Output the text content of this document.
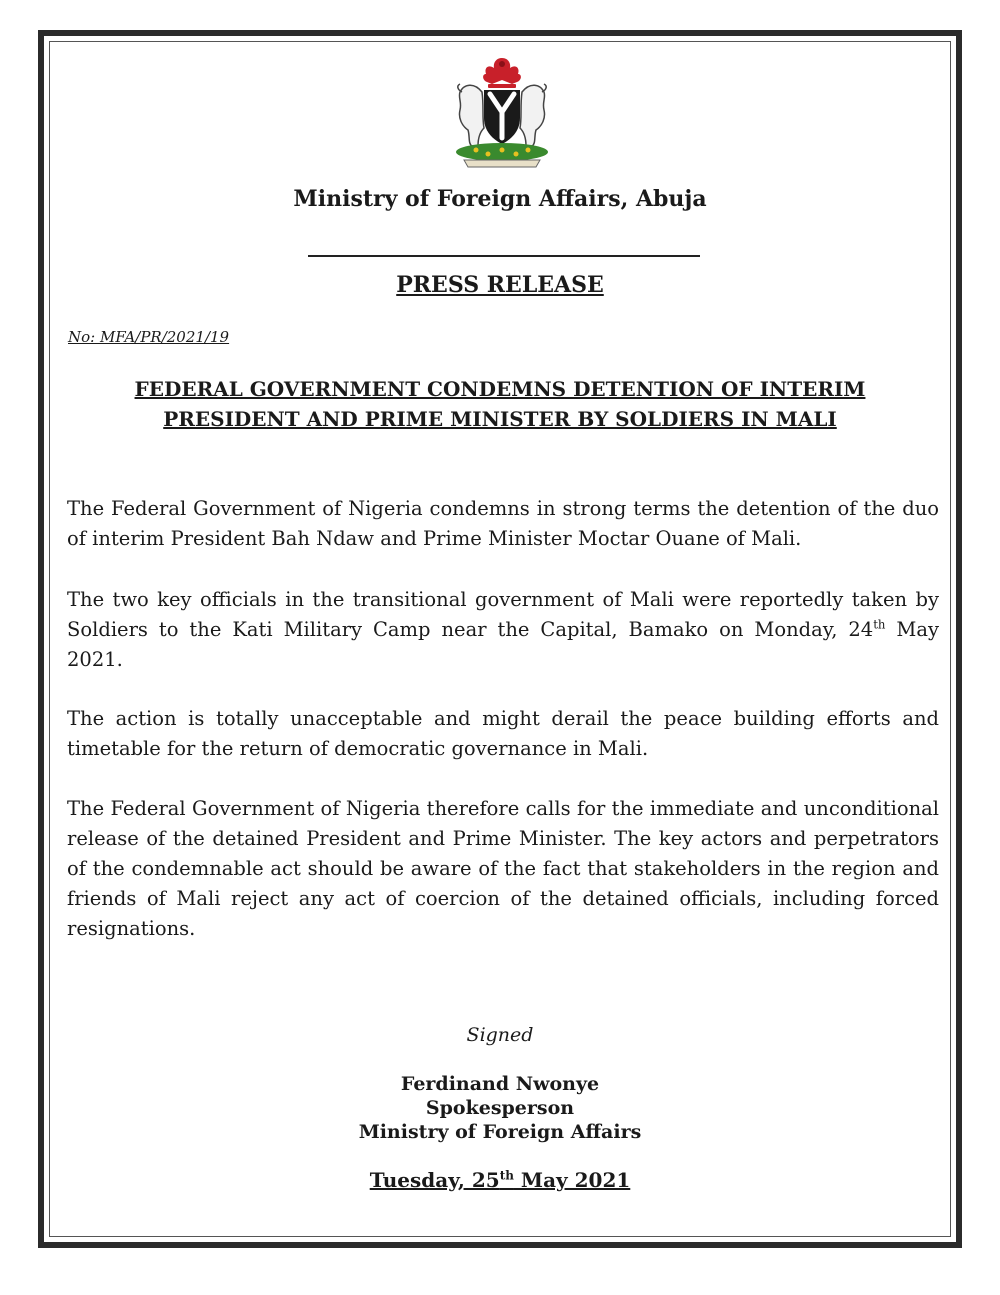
Ministry of Foreign Affairs, Abuja
PRESS RELEASE
No: MFA/PR/2021/19
FEDERAL GOVERNMENT CONDEMNS DETENTION OF INTERIM
PRESIDENT AND PRIME MINISTER BY SOLDIERS IN MALI

The Federal Government of Nigeria condemns in strong terms the detention of the duo of interim President Bah Ndaw and Prime Minister Moctar Ouane of Mali.

The two key officials in the transitional government of Mali were reportedly taken by Soldiers to the Kati Military Camp near the Capital, Bamako on Monday, 24th May 2021.

The action is totally unacceptable and might derail the peace building efforts and timetable for the return of democratic governance in Mali.

The Federal Government of Nigeria therefore calls for the immediate and unconditional release of the detained President and Prime Minister. The key actors and perpetrators of the condemnable act should be aware of the fact that stakeholders in the region and friends of Mali reject any act of coercion of the detained officials, including forced resignations.

Signed
Ferdinand Nwonye
Spokesperson
Ministry of Foreign Affairs
Tuesday, 25th May 2021
